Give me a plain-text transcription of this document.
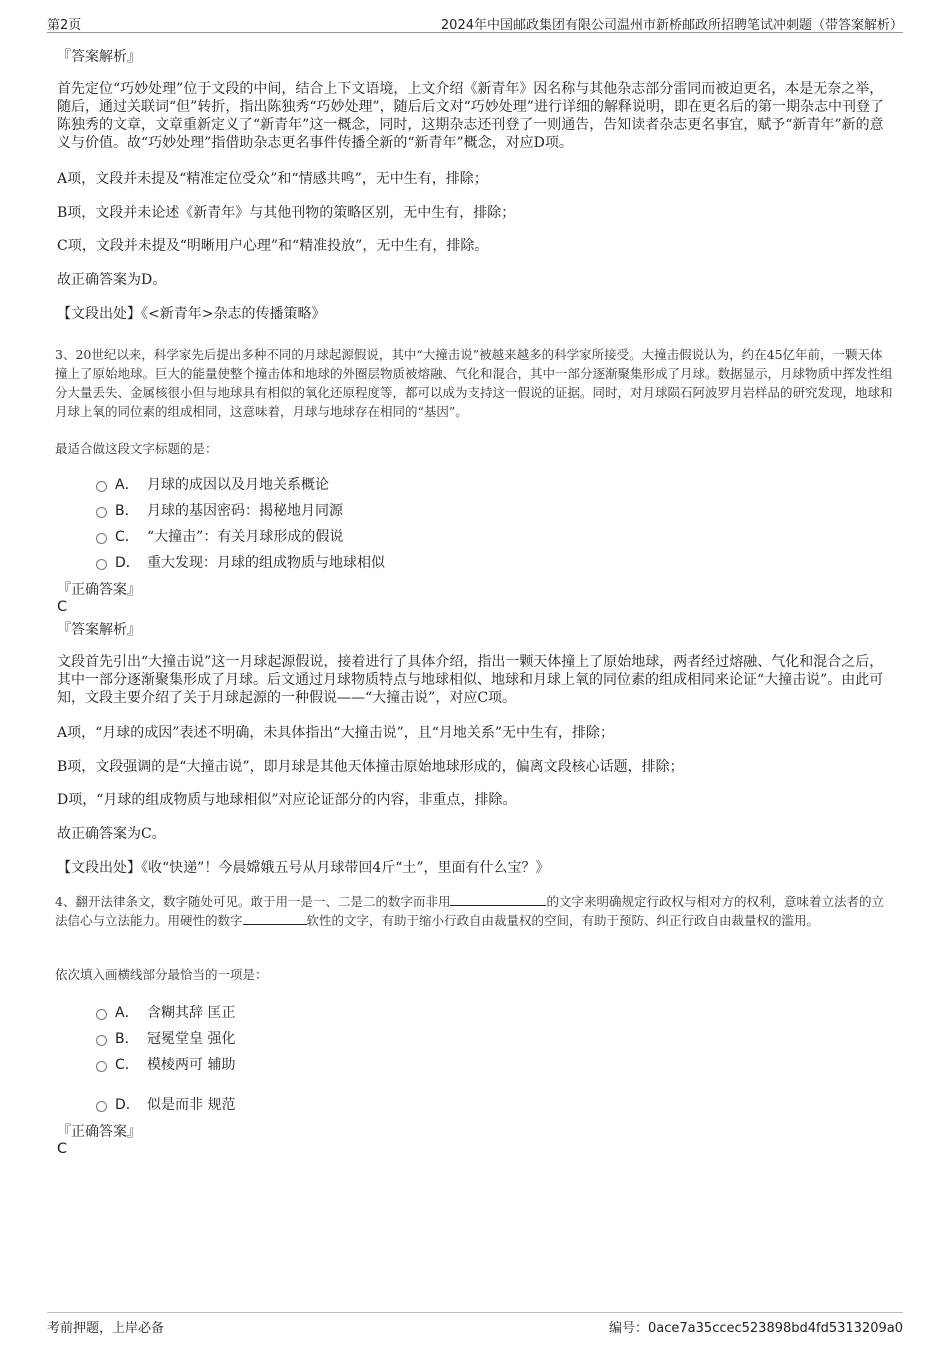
第2页	2024年中国邮政集团有限公司温州市新桥邮政所招聘笔试冲刺题（带答案解析）

『答案解析』

首先定位“巧妙处理”位于文段的中间，结合上下文语境，上文介绍《新青年》因名称与其他杂志部分雷同而被迫更名，本是无奈之举，随后，通过关联词“但”转折，指出陈独秀“巧妙处理”，随后后文对“巧妙处理”进行详细的解释说明，即在更名后的第一期杂志中刊登了陈独秀的文章，文章重新定义了“新青年”这一概念，同时，这期杂志还刊登了一则通告，告知读者杂志更名事宜，赋予“新青年”新的意义与价值。故“巧妙处理”指借助杂志更名事件传播全新的“新青年”概念，对应D项。

A项，文段并未提及“精准定位受众”和“情感共鸣”，无中生有，排除；

B项，文段并未论述《新青年》与其他刊物的策略区别，无中生有，排除；

C项，文段并未提及“明晰用户心理”和“精准投放”，无中生有，排除。

故正确答案为D。

【文段出处】《<新青年>杂志的传播策略》

3、20世纪以来，科学家先后提出多种不同的月球起源假说，其中“大撞击说”被越来越多的科学家所接受。大撞击假说认为，约在45亿年前，一颗天体撞上了原始地球。巨大的能量使整个撞击体和地球的外圈层物质被熔融、气化和混合，其中一部分逐渐聚集形成了月球。数据显示，月球物质中挥发性组分大量丢失、金属核很小但与地球具有相似的氧化还原程度等，都可以成为支持这一假说的证据。同时，对月球陨石阿波罗月岩样品的研究发现，地球和月球上氧的同位素的组成相同，这意味着，月球与地球存在相同的“基因”。

最适合做这段文字标题的是：

A． 月球的成因以及月地关系概论
B． 月球的基因密码：揭秘地月同源
C． “大撞击”：有关月球形成的假说
D． 重大发现：月球的组成物质与地球相似

『正确答案』

C

『答案解析』

文段首先引出“大撞击说”这一月球起源假说，接着进行了具体介绍，指出一颗天体撞上了原始地球，两者经过熔融、气化和混合之后，其中一部分逐渐聚集形成了月球。后文通过月球物质特点与地球相似、地球和月球上氧的同位素的组成相同来论证“大撞击说”。由此可知，文段主要介绍了关于月球起源的一种假说——“大撞击说”，对应C项。

A项，“月球的成因”表述不明确，未具体指出“大撞击说”，且“月地关系”无中生有，排除；

B项，文段强调的是“大撞击说”，即月球是其他天体撞击原始地球形成的，偏离文段核心话题，排除；

D项，“月球的组成物质与地球相似”对应论证部分的内容，非重点，排除。

故正确答案为C。

【文段出处】《收“快递”！今晨嫦娥五号从月球带回4斤“土”，里面有什么宝？》

4、翻开法律条文，数字随处可见。敢于用一是一、二是二的数字而非用	的文字来明确规定行政权与相对方的权利，意味着立法者的立法信心与立法能力。用硬性的数字	软性的文字，有助于缩小行政自由裁量权的空间，有助于预防、纠正行政自由裁量权的滥用。

依次填入画横线部分最恰当的一项是：

A． 含糊其辞 匡正
B． 冠冕堂皇 强化
C． 模棱两可 辅助
D． 似是而非 规范

『正确答案』

C

考前押题，上岸必备	编号：0ace7a35ccec523898bd4fd5313209a0
